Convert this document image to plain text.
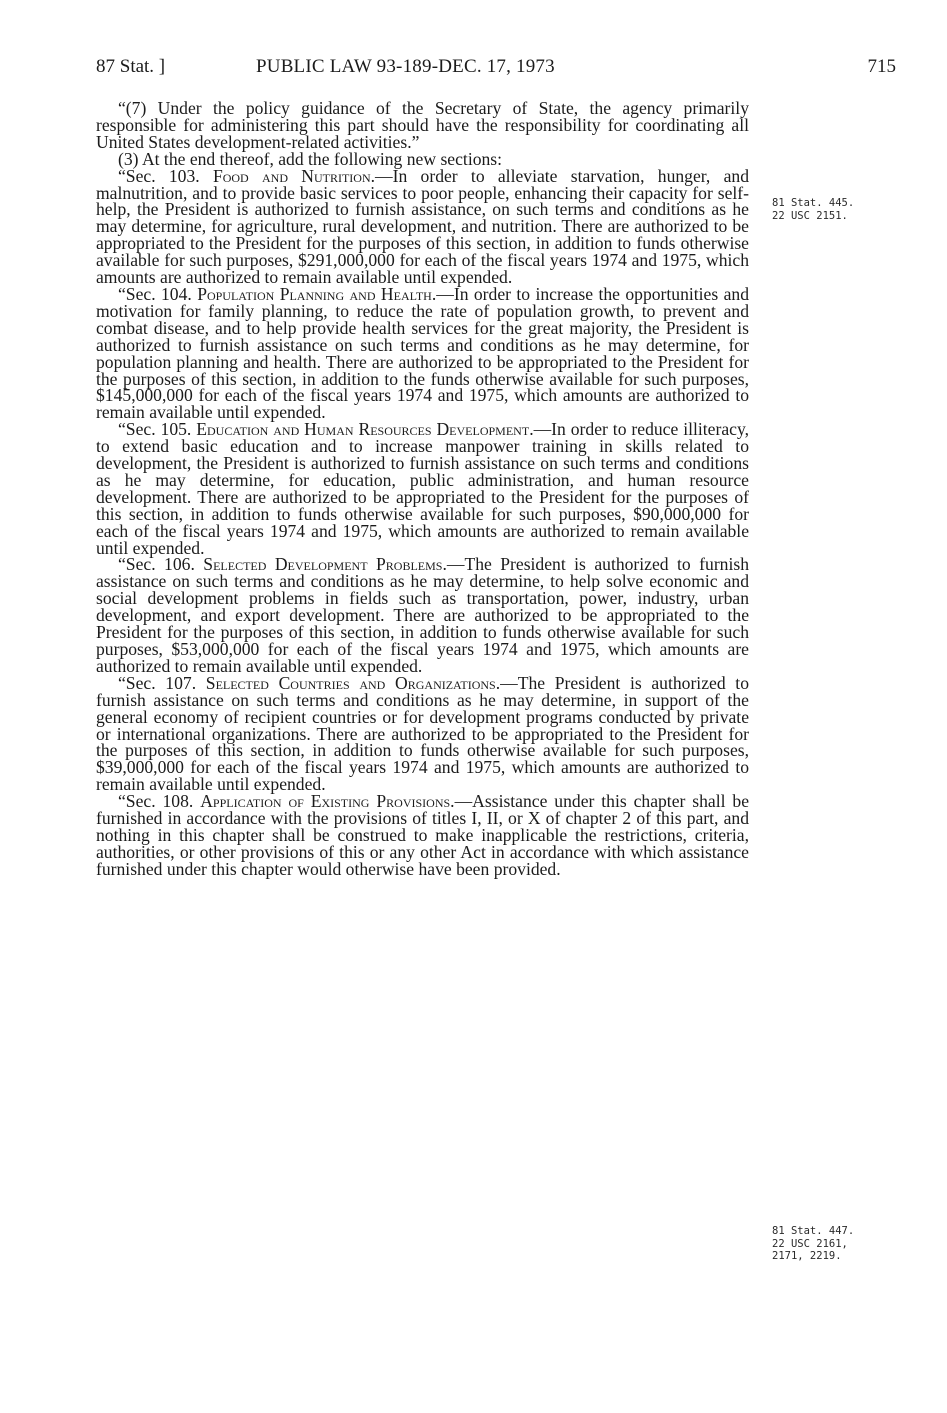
87 Stat. ]	PUBLIC LAW 93-189-DEC. 17, 1973	715

“(7) Under the policy guidance of the Secretary of State, the agency primarily responsible for administering this part should have the responsibility for coordinating all United States development-related activities.”

(3) At the end thereof, add the following new sections:

“Sec. 103. Food and Nutrition.—In order to alleviate starvation, hunger, and malnutrition, and to provide basic services to poor people, enhancing their capacity for self-help, the President is authorized to furnish assistance, on such terms and conditions as he may determine, for agriculture, rural development, and nutrition. There are authorized to be appropriated to the President for the purposes of this section, in addition to funds otherwise available for such purposes, $291,000,000 for each of the fiscal years 1974 and 1975, which amounts are authorized to remain available until expended.

“Sec. 104. Population Planning and Health.—In order to increase the opportunities and motivation for family planning, to reduce the rate of population growth, to prevent and combat disease, and to help provide health services for the great majority, the President is authorized to furnish assistance on such terms and conditions as he may determine, for population planning and health. There are authorized to be appropriated to the President for the purposes of this section, in addition to the funds otherwise available for such purposes, $145,000,000 for each of the fiscal years 1974 and 1975, which amounts are authorized to remain available until expended.

“Sec. 105. Education and Human Resources Development.—In order to reduce illiteracy, to extend basic education and to increase manpower training in skills related to development, the President is authorized to furnish assistance on such terms and conditions as he may determine, for education, public administration, and human resource development. There are authorized to be appropriated to the President for the purposes of this section, in addition to funds otherwise available for such purposes, $90,000,000 for each of the fiscal years 1974 and 1975, which amounts are authorized to remain available until expended.

“Sec. 106. Selected Development Problems.—The President is authorized to furnish assistance on such terms and conditions as he may determine, to help solve economic and social development problems in fields such as transportation, power, industry, urban development, and export development. There are authorized to be appropriated to the President for the purposes of this section, in addition to funds otherwise available for such purposes, $53,000,000 for each of the fiscal years 1974 and 1975, which amounts are authorized to remain available until expended.

“Sec. 107. Selected Countries and Organizations.—The President is authorized to furnish assistance on such terms and conditions as he may determine, in support of the general economy of recipient countries or for development programs conducted by private or international organizations. There are authorized to be appropriated to the President for the purposes of this section, in addition to funds otherwise available for such purposes, $39,000,000 for each of the fiscal years 1974 and 1975, which amounts are authorized to remain available until expended.

“Sec. 108. Application of Existing Provisions.—Assistance under this chapter shall be furnished in accordance with the provisions of titles I, II, or X of chapter 2 of this part, and nothing in this chapter shall be construed to make inapplicable the restrictions, criteria, authorities, or other provisions of this or any other Act in accordance with which assistance furnished under this chapter would otherwise have been provided.

81 Stat. 445.
22 USC 2151.
81 Stat. 447.
22 USC 2161,
2171, 2219.
